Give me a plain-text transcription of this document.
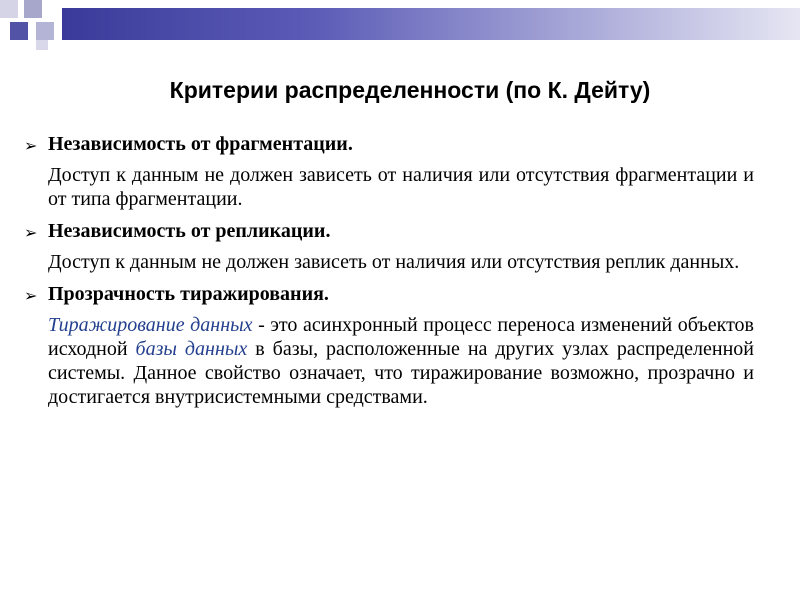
Критерии распределенности (по К. Дейту)

➢ Независимость от фрагментации.

Доступ к данным не должен зависеть от наличия или отсутствия фрагментации и от типа фрагментации.

➢ Независимость от репликации.

Доступ к данным не должен зависеть от наличия или отсутствия реплик данных.

➢ Прозрачность тиражирования.

Тиражирование данных - это асинхронный процесс переноса изменений объектов исходной базы данных в базы, расположенные на других узлах распределенной системы. Данное свойство означает, что тиражирование возможно, прозрачно и достигается внутрисистемными средствами.
